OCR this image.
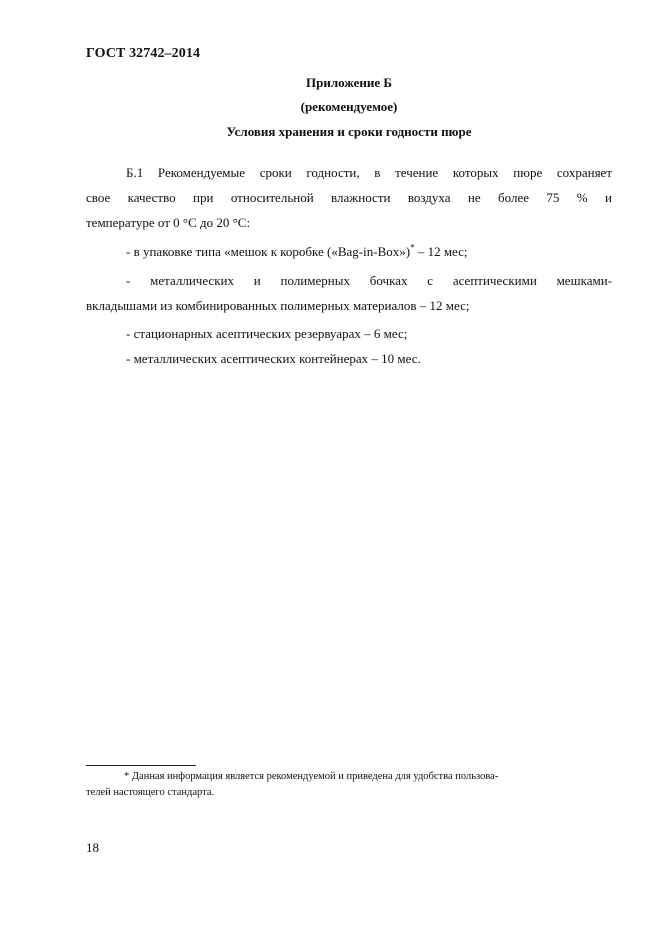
ГОСТ 32742–2014
Приложение Б
(рекомендуемое)
Условия хранения и сроки годности пюре
Б.1 Рекомендуемые сроки годности, в течение которых пюре сохраняет
свое качество при относительной влажности воздуха не более 75 % и
температуре от 0 °С до 20 °С:
- в упаковке типа «мешок к коробке («Bag-in-Box»)* – 12 мес;
- металлических и полимерных бочках с асептическими мешками-
вкладышами из комбинированных полимерных материалов – 12 мес;
- стационарных асептических резервуарах – 6 мес;
- металлических асептических контейнерах – 10 мес.
* Данная информация является рекомендуемой и приведена для удобства пользова-
телей настоящего стандарта.
18
